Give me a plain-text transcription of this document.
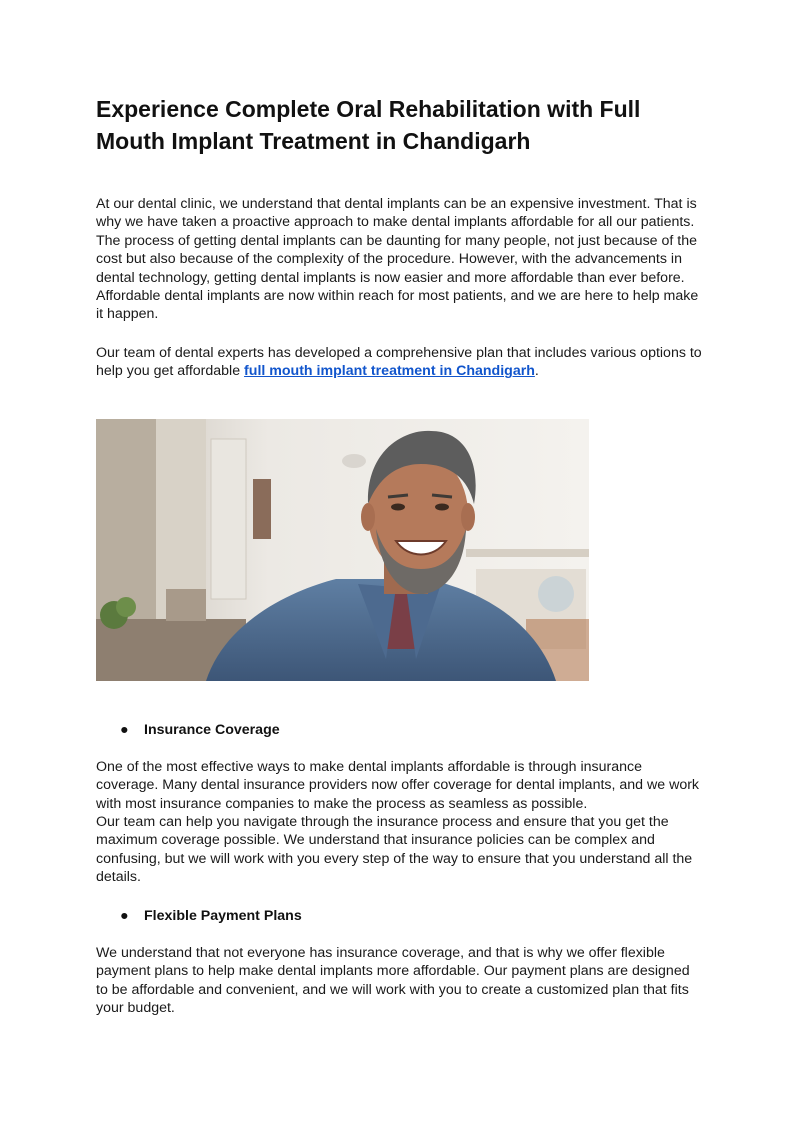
Experience Complete Oral Rehabilitation with Full Mouth Implant Treatment in Chandigarh

At our dental clinic, we understand that dental implants can be an expensive investment. That is why we have taken a proactive approach to make dental implants affordable for all our patients. The process of getting dental implants can be daunting for many people, not just because of the cost but also because of the complexity of the procedure. However, with the advancements in dental technology, getting dental implants is now easier and more affordable than ever before. Affordable dental implants are now within reach for most patients, and we are here to help make it happen.

Our team of dental experts has developed a comprehensive plan that includes various options to help you get affordable full mouth implant treatment in Chandigarh.

● Insurance Coverage

One of the most effective ways to make dental implants affordable is through insurance coverage. Many dental insurance providers now offer coverage for dental implants, and we work with most insurance companies to make the process as seamless as possible.

Our team can help you navigate through the insurance process and ensure that you get the maximum coverage possible. We understand that insurance policies can be complex and confusing, but we will work with you every step of the way to ensure that you understand all the details.

● Flexible Payment Plans

We understand that not everyone has insurance coverage, and that is why we offer flexible payment plans to help make dental implants more affordable. Our payment plans are designed to be affordable and convenient, and we will work with you to create a customized plan that fits your budget.
